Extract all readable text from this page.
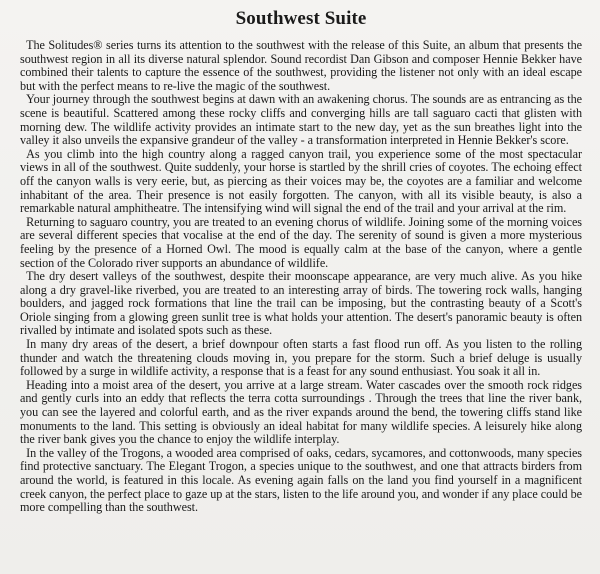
Southwest Suite

The Solitudes® series turns its attention to the southwest with the release of this Suite, an album that presents the southwest region in all its diverse natural splendor. Sound recordist Dan Gibson and composer Hennie Bekker have combined their talents to capture the essence of the southwest, providing the listener not only with an ideal escape but with the perfect means to re-live the magic of the southwest.

Your journey through the southwest begins at dawn with an awakening chorus. The sounds are as entrancing as the scene is beautiful. Scattered among these rocky cliffs and converging hills are tall saguaro cacti that glisten with morning dew. The wildlife activity provides an intimate start to the new day, yet as the sun breathes light into the valley it also unveils the expansive grandeur of the valley - a transformation interpreted in Hennie Bekker's score.

As you climb into the high country along a ragged canyon trail, you experience some of the most spectacular views in all of the southwest. Quite suddenly, your horse is startled by the shrill cries of coyotes. The echoing effect off the canyon walls is very eerie, but, as piercing as their voices may be, the coyotes are a familiar and welcome inhabitant of the area. Their presence is not easily forgotten. The canyon, with all its visible beauty, is also a remarkable natural amphitheatre. The intensifying wind will signal the end of the trail and your arrival at the rim.

Returning to saguaro country, you are treated to an evening chorus of wildlife. Joining some of the morning voices are several different species that vocalise at the end of the day. The serenity of sound is given a more mysterious feeling by the presence of a Horned Owl. The mood is equally calm at the base of the canyon, where a gentle section of the Colorado river supports an abundance of wildlife.

The dry desert valleys of the southwest, despite their moonscape appearance, are very much alive. As you hike along a dry gravel-like riverbed, you are treated to an interesting array of birds. The towering rock walls, hanging boulders, and jagged rock formations that line the trail can be imposing, but the contrasting beauty of a Scott's Oriole singing from a glowing green sunlit tree is what holds your attention. The desert's panoramic beauty is often rivalled by intimate and isolated spots such as these.

In many dry areas of the desert, a brief downpour often starts a fast flood run off. As you listen to the rolling thunder and watch the threatening clouds moving in, you prepare for the storm. Such a brief deluge is usually followed by a surge in wildlife activity, a response that is a feast for any sound enthusiast. You soak it all in.

Heading into a moist area of the desert, you arrive at a large stream. Water cascades over the smooth rock ridges and gently curls into an eddy that reflects the terra cotta surroundings . Through the trees that line the river bank, you can see the layered and colorful earth, and as the river expands around the bend, the towering cliffs stand like monuments to the land. This setting is obviously an ideal habitat for many wildlife species. A leisurely hike along the river bank gives you the chance to enjoy the wildlife interplay.

In the valley of the Trogons, a wooded area comprised of oaks, cedars, sycamores, and cottonwoods, many species find protective sanctuary. The Elegant Trogon, a species unique to the southwest, and one that attracts birders from around the world, is featured in this locale. As evening again falls on the land you find yourself in a magnificent creek canyon, the perfect place to gaze up at the stars, listen to the life around you, and wonder if any place could be more compelling than the southwest.
